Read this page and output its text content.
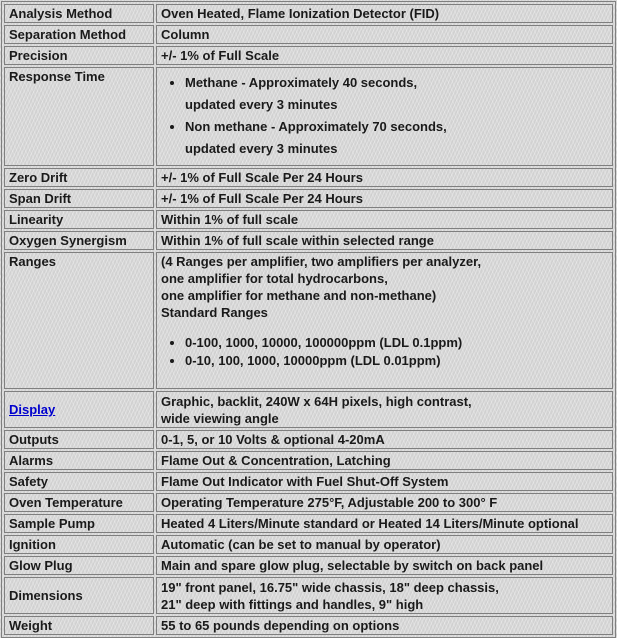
Analysis Method	Oven Heated, Flame Ionization Detector (FID)
Separation Method	Column
Precision	+/- 1% of Full Scale
Response Time	
•Methane - Approximately 40 seconds,
updated every 3 minutes
• Non methane - Approximately 70 seconds,
updated every 3 minutes

Zero Drift	+/- 1% of Full Scale Per 24 Hours
Span Drift	+/- 1% of Full Scale Per 24 Hours
Linearity	Within 1% of full scale
Oxygen Synergism	Within 1% of full scale within selected range
Ranges	(4 Ranges per amplifier, two amplifiers per analyzer,
one amplifier for total hydrocarbons,
one amplifier for methane and non-methane)
Standard Ranges
• 0-100, 1000, 10000, 100000ppm (LDL 0.1ppm)
• 0-10, 100, 1000, 10000ppm (LDL 0.01ppm)

Display	Graphic, backlit, 240W x 64H pixels, high contrast,
wide viewing angle
Outputs	0-1, 5, or 10 Volts & optional 4-20mA
Alarms	Flame Out & Concentration, Latching
Safety	Flame Out Indicator with Fuel Shut-Off System
Oven Temperature	Operating Temperature 275°F, Adjustable 200 to 300° F
Sample Pump	Heated 4 Liters/Minute standard or Heated 14 Liters/Minute optional
Ignition	Automatic (can be set to manual by operator)
Glow Plug	Main and spare glow plug, selectable by switch on back panel
Dimensions	19" front panel, 16.75" wide chassis, 18" deep chassis,
21" deep with fittings and handles, 9" high
Weight	55 to 65 pounds depending on options
